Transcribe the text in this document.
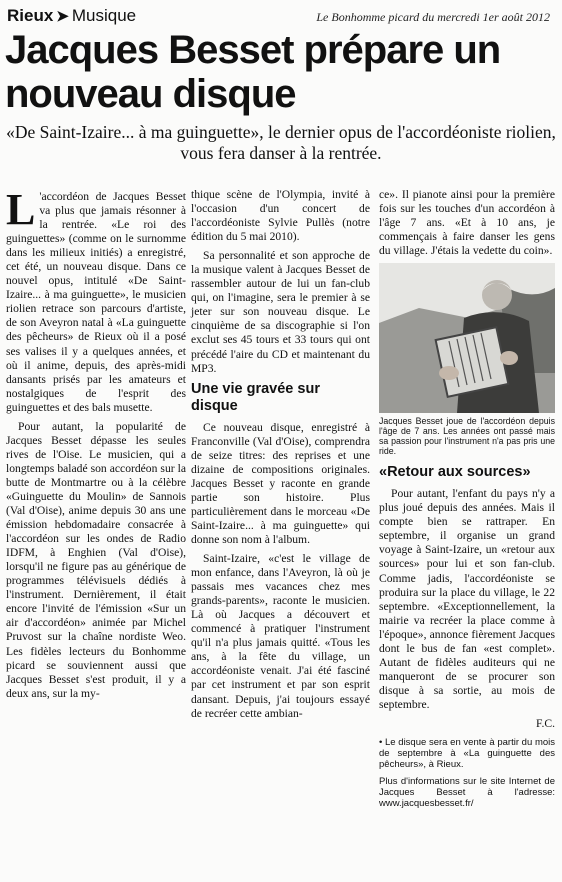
Rieux ➤ Musique	Le Bonhomme picard du mercredi 1er août 2012
Jacques Besset prépare un nouveau disque
«De Saint-Izaire... à ma guinguette», le dernier opus de l'accordéoniste riolien, vous fera danser à la rentrée.

L 'accordéon de Jacques Besset va plus que jamais résonner à la rentrée. «Le roi des guinguettes» (comme on le surnomme dans les milieux initiés) a enregistré, cet été, un nouveau disque. Dans ce nouvel opus, intitulé «De Saint-Izaire... à ma guinguette», le musicien riolien retrace son parcours d'artiste, de son Aveyron natal à «La guinguette des pêcheurs» de Rieux où il a posé ses valises il y a quelques années, et où il anime, depuis, des après-midi dansants prisés par les amateurs et nostalgiques de l'esprit des guinguettes et des bals musette.

Pour autant, la popularité de Jacques Besset dépasse les seules rives de l'Oise. Le musicien, qui a longtemps baladé son accordéon sur la butte de Montmartre ou à la célèbre «Guinguette du Moulin» de Sannois (Val d'Oise), anime depuis 30 ans une émission hebdomadaire consacrée à l'accordéon sur les ondes de Radio IDFM, à Enghien (Val d'Oise), lorsqu'il ne figure pas au générique de programmes télévisuels dédiés à l'instrument. Dernièrement, il était encore l'invité de l'émission «Sur un air d'accordéon» animée par Michel Pruvost sur la chaîne nordiste Weo. Les fidèles lecteurs du Bonhomme picard se souviennent aussi que Jacques Besset s'est produit, il y a deux ans, sur la my-

thique scène de l'Olympia, invité à l'occasion d'un concert de l'accordéoniste Sylvie Pullès (notre édition du 5 mai 2010).

Sa personnalité et son approche de la musique valent à Jacques Besset de rassembler autour de lui un fan-club qui, on l'imagine, sera le premier à se jeter sur son nouveau disque. Le cinquième de sa discographie si l'on exclut ses 45 tours et 33 tours qui ont précédé l'aire du CD et maintenant du MP3.

Une vie gravée sur disque

Ce nouveau disque, enregistré à Franconville (Val d'Oise), comprendra de seize titres: des reprises et une dizaine de compositions originales. Jacques Besset y raconte en grande partie son histoire. Plus particulièrement dans le morceau «De Saint-Izaire... à ma guinguette» qui donne son nom à l'album.

Saint-Izaire, «c'est le village de mon enfance, dans l'Aveyron, là où je passais mes vacances chez mes grands-parents», raconte le musicien. Là où Jacques a découvert et commencé à pratiquer l'instrument qu'il n'a plus jamais quitté. «Tous les ans, à la fête du village, un accordéoniste venait. J'ai été fasciné par cet instrument et par son esprit dansant. Depuis, j'ai toujours essayé de recréer cette ambian-

ce». Il pianote ainsi pour la première fois sur les touches d'un accordéon à l'âge 7 ans. «Et à 10 ans, je commençais à faire danser les gens du village. J'étais la vedette du coin».

Jacques Besset joue de l'accordéon depuis l'âge de 7 ans. Les années ont passé mais sa passion pour l'instrument n'a pas pris une ride.
«Retour aux sources»

Pour autant, l'enfant du pays n'y a plus joué depuis des années. Mais il compte bien se rattraper. En septembre, il organise un grand voyage à Saint-Izaire, un «retour aux sources» pour lui et son fan-club. Comme jadis, l'accordéoniste se produira sur la place du village, le 22 septembre. «Exceptionnellement, la mairie va recréer la place comme à l'époque», annonce fièrement Jacques dont le bus de fan «est complet». Autant de fidèles auditeurs qui ne manqueront de se procurer son disque à sa sortie, au mois de septembre.

F.C.

• Le disque sera en vente à partir du mois de septembre à «La guinguette des pêcheurs», à Rieux.
Plus d'informations sur le site Internet de Jacques Besset à l'adresse: www.jacquesbesset.fr/
